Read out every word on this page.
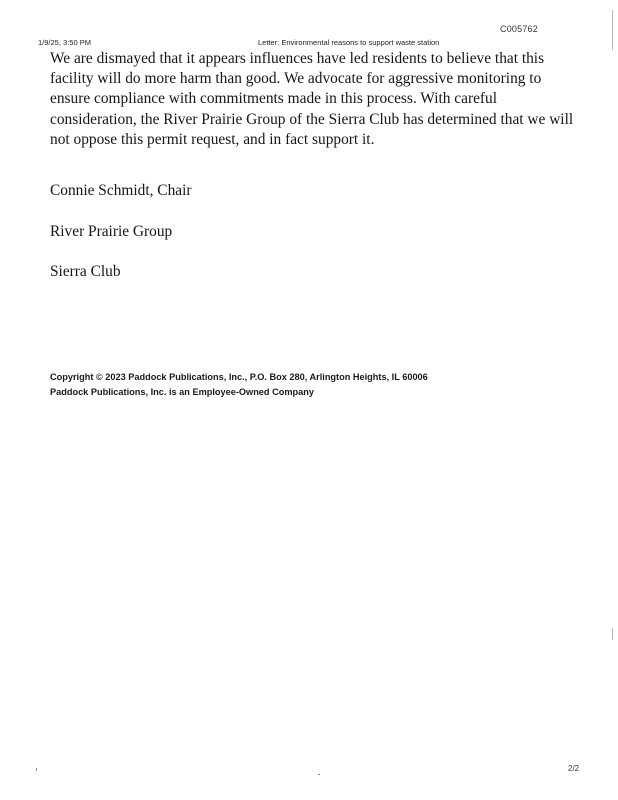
C005762
1/9/25, 3:50 PM	Letter: Environmental reasons to support waste station

We are dismayed that it appears influences have led residents to believe that this facility will do more harm than good. We advocate for aggressive monitoring to ensure compliance with commitments made in this process. With careful consideration, the River Prairie Group of the Sierra Club has determined that we will not oppose this permit request, and in fact support it.

Connie Schmidt, Chair
River Prairie Group
Sierra Club
Copyright © 2023 Paddock Publications, Inc., P.O. Box 280, Arlington Heights, IL 60006
Paddock Publications, Inc. is an Employee-Owned Company
2/2
